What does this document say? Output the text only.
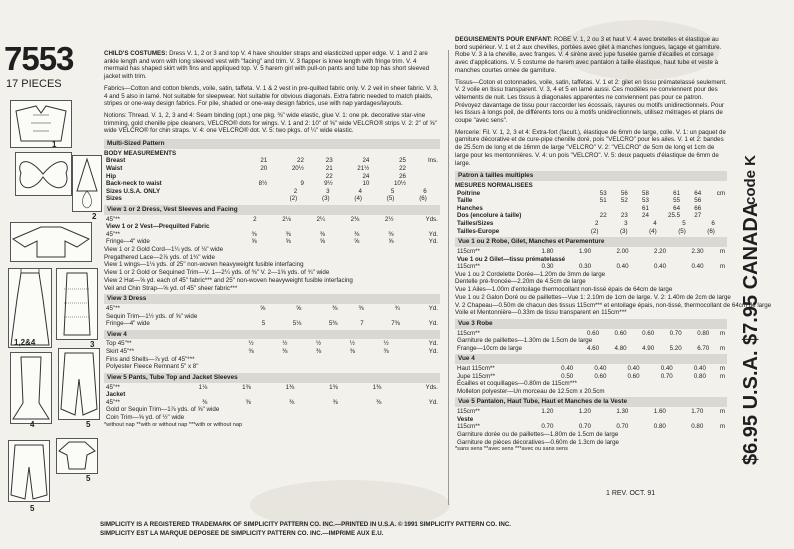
7553
17 PIECES
1
2
1,2&4	3
4	5
5
5

CHILD'S COSTUMES: Dress V. 1, 2 or 3 and top V. 4 have shoulder straps and elasticized upper edge. V. 1 and 2 are ankle length and worn with long sleeved vest with "facing" and trim. V. 3 flapper is knee length with fringe trim. V. 4 mermaid has shaped skirt with fins and appliqued top. V. 5 harem girl with pull-on pants and tube top has short sleeved jacket with trim.

Fabrics—Cotton and cotton blends, voile, satin, taffeta. V. 1 & 2 vest in pre-quilted fabric only. V. 2 veil in sheer fabric. V. 3, 4 and 5 also in lamé. Not suitable for sleepwear. Not suitable for obvious diagonals. Extra fabric needed to match plaids, stripes or one-way design fabrics. For pile, shaded or one-way design fabrics, use with nap yardages/layouts.

Notions: Thread. V. 1, 2, 3 and 4: Seam binding (opt.) one pkg. ⅜" wide elastic, glue V. 1: one pk. decorative star-vine trimming, gold chenille pipe cleaners, VELCRO® dots for wings. V. 1 and 2: 10" of ⅝" wide VELCRO® strips V. 2: 2" of ⅝" wide VELCRO® for chin straps. V. 4: one VELCRO® dot. V. 5: two pkgs. of ¼" wide elastic.

Multi-Sized Pattern
BODY MEASUREMENTS
Breast	21	22	23	24	25	Ins.
Waist	20	20½	21	21½	22	
Hip			22	24	26	
Back-neck to waist	8½	9	9½	10	10½	
Sizes U.S.A. ONLY	2	3	4	5	6	
Sizes	(2)	(3)	(4)	(5)	(6)	
View 1 or 2 Dress, Vest Sleeves and Facing
45"**	2	2⅛	2¼	2⅜	2½	Yds.
View 1 or 2 Vest—Prequilted Fabric						
45"**	⅜	⅜	⅜	⅜	⅜	Yd.
Fringe—4" wide	⅝	⅝	⅝	⅝	⅝	Yd.
View 1 or 2 Gold Cord—1¼ yds. of ⅛" wide
Pregathered Lace—2⅞ yds. of 1¾" wide
View 1 wings—1⅛ yds. of 25" non-woven heavyweight fusible interfacing
View 1 or 2 Gold or Sequined Trim—V. 1—2¼ yds. of ⅜" V. 2—1⅝ yds. of ¾" wide
View 2 Hat—⅝ yd. each of 45" fabric*** and 25" non-woven heavyweight fusible interfacing
Veil and Chin Strap—⅝ yd. of 45" sheer fabric***
View 3 Dress
45"**	⅝	⅝	⅜	⅜	¾	Yd.
Sequin Trim—1½ yds. of ⅝" wide						
Fringe—4" wide	5	5⅛	5⅜	7	7⅜	Yd.
View 4
Top 45"**	½	½	½	½	½	Yd.
Skirt 45"**	⅜	⅜	⅜	⅜	⅜	Yd.
Fins and Shells—⅞ yd. of 45"***						
Polyester Fleece Remnant 5" x 8"						
View 5 Pants, Tube Top and Jacket Sleeves
45"**	1⅛	1⅜	1⅜	1⅜	1⅜	Yds.
Jacket						
45"**	⅜	⅜	⅜	⅜	⅜	Yd.
Gold or Sequin Trim—1⅞ yds. of ⅝" wide						
Coin Trim—⅝ yd. of ½" wide						
*without nap **with or without nap ***with or without nap

DEGUISEMENTS POUR ENFANT: ROBE V. 1, 2 ou 3 et haut V. 4 avec bretelles et élastique au bord supérieur. V. 1 et 2 aux chevilles, portées avec gilet à manches longues, laçage et garniture. Robe V. 3 à la cheville, avec franges. V. 4 sirène avec jupe fuselée garnie d'écailles et corsage avec d'applications. V. 5 costume de harem avec pantalon à taille élastique, haut tube et veste à manches courtes ornée de garniture.

Tissus—Coton et cotonnades, voile, satin, taffetas. V. 1 et 2: gilet en tissu prématelassé seulement. V. 2 voile en tissu transparent. V. 3, 4 et 5 en lamé aussi. Ces modèles ne conviennent pour des vêtements de nuit. Les tissus à diagonales apparentes ne conviennent pas pour ce patron. Prévoyez davantage de tissu pour raccorder les écossais, rayures ou motifs unidirectionnels. Pour les tissus à longs poil, de différents tons ou à motifs unidirectionnels, utilisez métrages et plans de coupe "avec sens".

Mercerie: Fil. V. 1, 2, 3 et 4: Extra-fort (facult.), élastique de 6mm de large, colle. V. 1: un paquet de garniture décorative et de cure-pipe chenille doré, pois "VELCRO" pour les ailes. V. 1 et 2: bandes de 25.5cm de long et de 16mm de large "VELCRO" V. 2: "VELCRO" de 5cm de long et 1cm de large pour les mentonnières. V. 4: un pois "VELCRO". V. 5: deux paquets d'élastique de 6mm de large.

Patron à tailles multiples
MESURES NORMALISEES
Poitrine	53	56	58	61	64	cm
Taille	51	52	53	55	56	
Hanches			61	64	66	
Dos (encolure à taille)	22	23	24	25.5	27	
Tailles/Sizes	2	3	4	5	6	
Tailles-Europe	(2)	(3)	(4)	(5)	(6)	
Vue 1 ou 2 Robe, Gilet, Manches et Parementure
115cm**	1.80	1.90	2.00	2.20	2.30	m
Vue 1 ou 2 Gilet—tissu prématelassé						
115cm**	0.30	0.30	0.40	0.40	0.40	m
Vue 1 ou 2 Cordelette Dorée—1.20m de 3mm de large
Dentelle pré-froncée—2.20m de 4.5cm de large
Vue 1 Ailes—1.00m d'entoilage thermocollant non-tissé épais de 64cm de large
Vue 1 ou 2 Galon Doré ou de paillettes—Vue 1: 2.10m de 1cm de large. V. 2: 1.40m de 2cm de large
V. 2 Chapeau—0.50m de chacun des tissus 115cm*** et entoilage épais, non-tissé, thermocollant de 64cm de large
Voile et Mentonnière—0.33m de tissu transparent en 115cm***
Vue 3 Robe
115cm**	0.60	0.60	0.60	0.70	0.80	m
Garniture de paillettes—1.30m de 1.5cm de large						
Frange—10cm de large	4.60	4.80	4.90	5.20	6.70	m
Vue 4
Haut 115cm**	0.40	0.40	0.40	0.40	0.40	m
Jupe 115cm**	0.50	0.60	0.60	0.70	0.80	m
Écailles et coquillages—0.80m de 115cm***						
Molleton polyester—Un morceau de 12.5cm x 20.5cm						
Vue 5 Pantalon, Haut Tube, Haut et Manches de la Veste
115cm**	1.20	1.20	1.30	1.60	1.70	m
Veste						
115cm**	0.70	0.70	0.70	0.80	0.80	m
Garniture dorée ou de paillettes—1.80m de 1.5cm de large						
Garniture de pièces décoratives—0.60m de 1.3cm de large						
*sans sens **avec sens ***avec ou sans sens
1 REV. OCT. 91
SIMPLICITY IS A REGISTERED TRADEMARK OF SIMPLICITY PATTERN CO. INC.—PRINTED IN U.S.A. © 1991 SIMPLICITY PATTERN CO. INC.
SIMPLICITY EST LA MARQUE DEPOSEE DE SIMPLICITY PATTERN CO. INC.—IMPRIME AUX E.U.
code K
$7.95 CANADA
$6.95 U.S.A.
